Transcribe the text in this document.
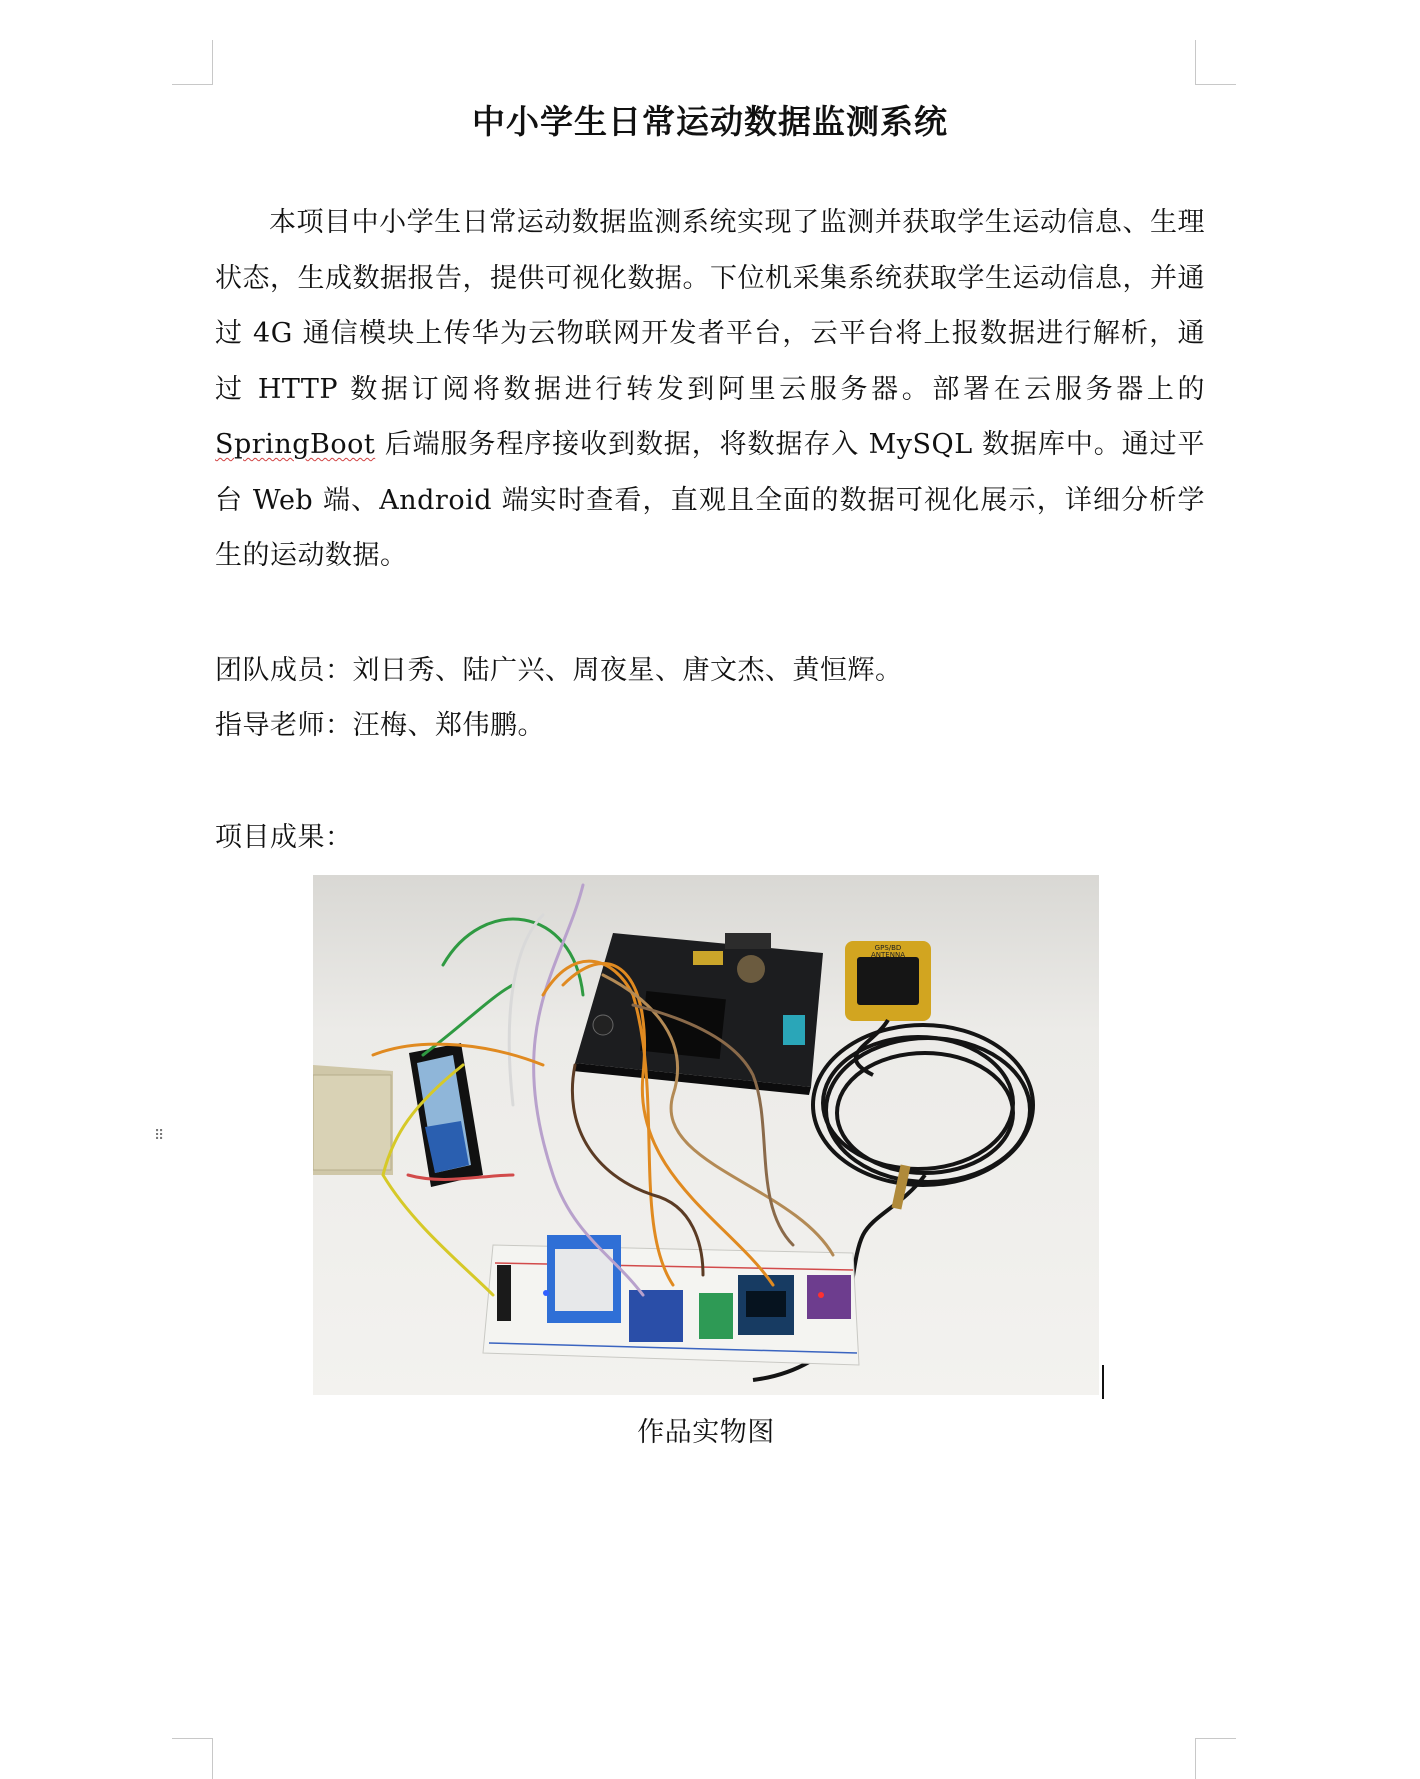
中小学生日常运动数据监测系统

本项目中小学生日常运动数据监测系统实现了监测并获取学生运动信息、生理状态，生成数据报告，提供可视化数据。下位机采集系统获取学生运动信息，并通过 4G 通信模块上传华为云物联网开发者平台，云平台将上报数据进行解析，通过 HTTP 数据订阅将数据进行转发到阿里云服务器。部署在云服务器上的SpringBoot 后端服务程序接收到数据，将数据存入 MySQL 数据库中。通过平台 Web 端、Android 端实时查看，直观且全面的数据可视化展示，详细分析学生的运动数据。

团队成员：刘日秀、陆广兴、周夜星、唐文杰、黄恒辉。
指导老师：汪梅、郑伟鹏。
项目成果：
⠿
GPS/BD
ANTENNA
作品实物图
